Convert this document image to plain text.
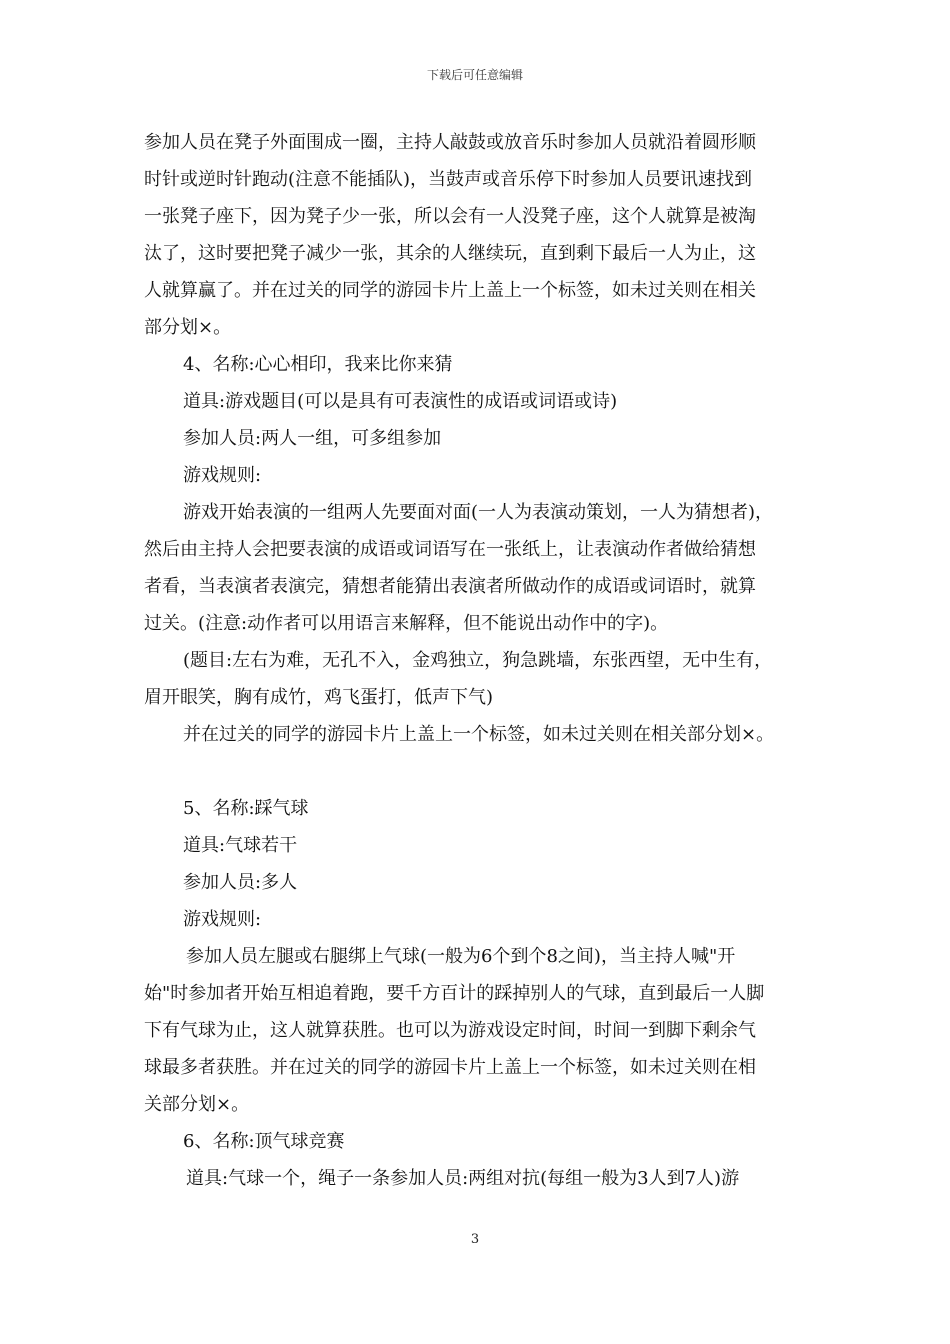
下载后可任意编辑
参加人员在凳子外面围成一圈，主持人敲鼓或放音乐时参加人员就沿着圆形顺
时针或逆时针跑动(注意不能插队)，当鼓声或音乐停下时参加人员要讯速找到
一张凳子座下，因为凳子少一张，所以会有一人没凳子座，这个人就算是被淘
汰了，这时要把凳子减少一张，其余的人继续玩，直到剩下最后一人为止，这
人就算赢了。并在过关的同学的游园卡片上盖上一个标签，如未过关则在相关
部分划×。
4、名称:心心相印，我来比你来猜
道具:游戏题目(可以是具有可表演性的成语或词语或诗)
参加人员:两人一组，可多组参加
游戏规则:
游戏开始表演的一组两人先要面对面(一人为表演动策划，一人为猜想者)，
然后由主持人会把要表演的成语或词语写在一张纸上，让表演动作者做给猜想
者看，当表演者表演完，猜想者能猜出表演者所做动作的成语或词语时，就算
过关。(注意:动作者可以用语言来解释，但不能说出动作中的字)。
(题目:左右为难，无孔不入，金鸡独立，狗急跳墙，东张西望，无中生有，
眉开眼笑，胸有成竹，鸡飞蛋打，低声下气)
并在过关的同学的游园卡片上盖上一个标签，如未过关则在相关部分划×。
5、名称:踩气球
道具:气球若干
参加人员:多人
游戏规则:
参加人员左腿或右腿绑上气球(一般为6个到个8之间)，当主持人喊"开
始"时参加者开始互相追着跑，要千方百计的踩掉别人的气球，直到最后一人脚
下有气球为止，这人就算获胜。也可以为游戏设定时间，时间一到脚下剩余气
球最多者获胜。并在过关的同学的游园卡片上盖上一个标签，如未过关则在相
关部分划×。
6、名称:顶气球竞赛
道具:气球一个，绳子一条参加人员:两组对抗(每组一般为3人到7人)游
3
